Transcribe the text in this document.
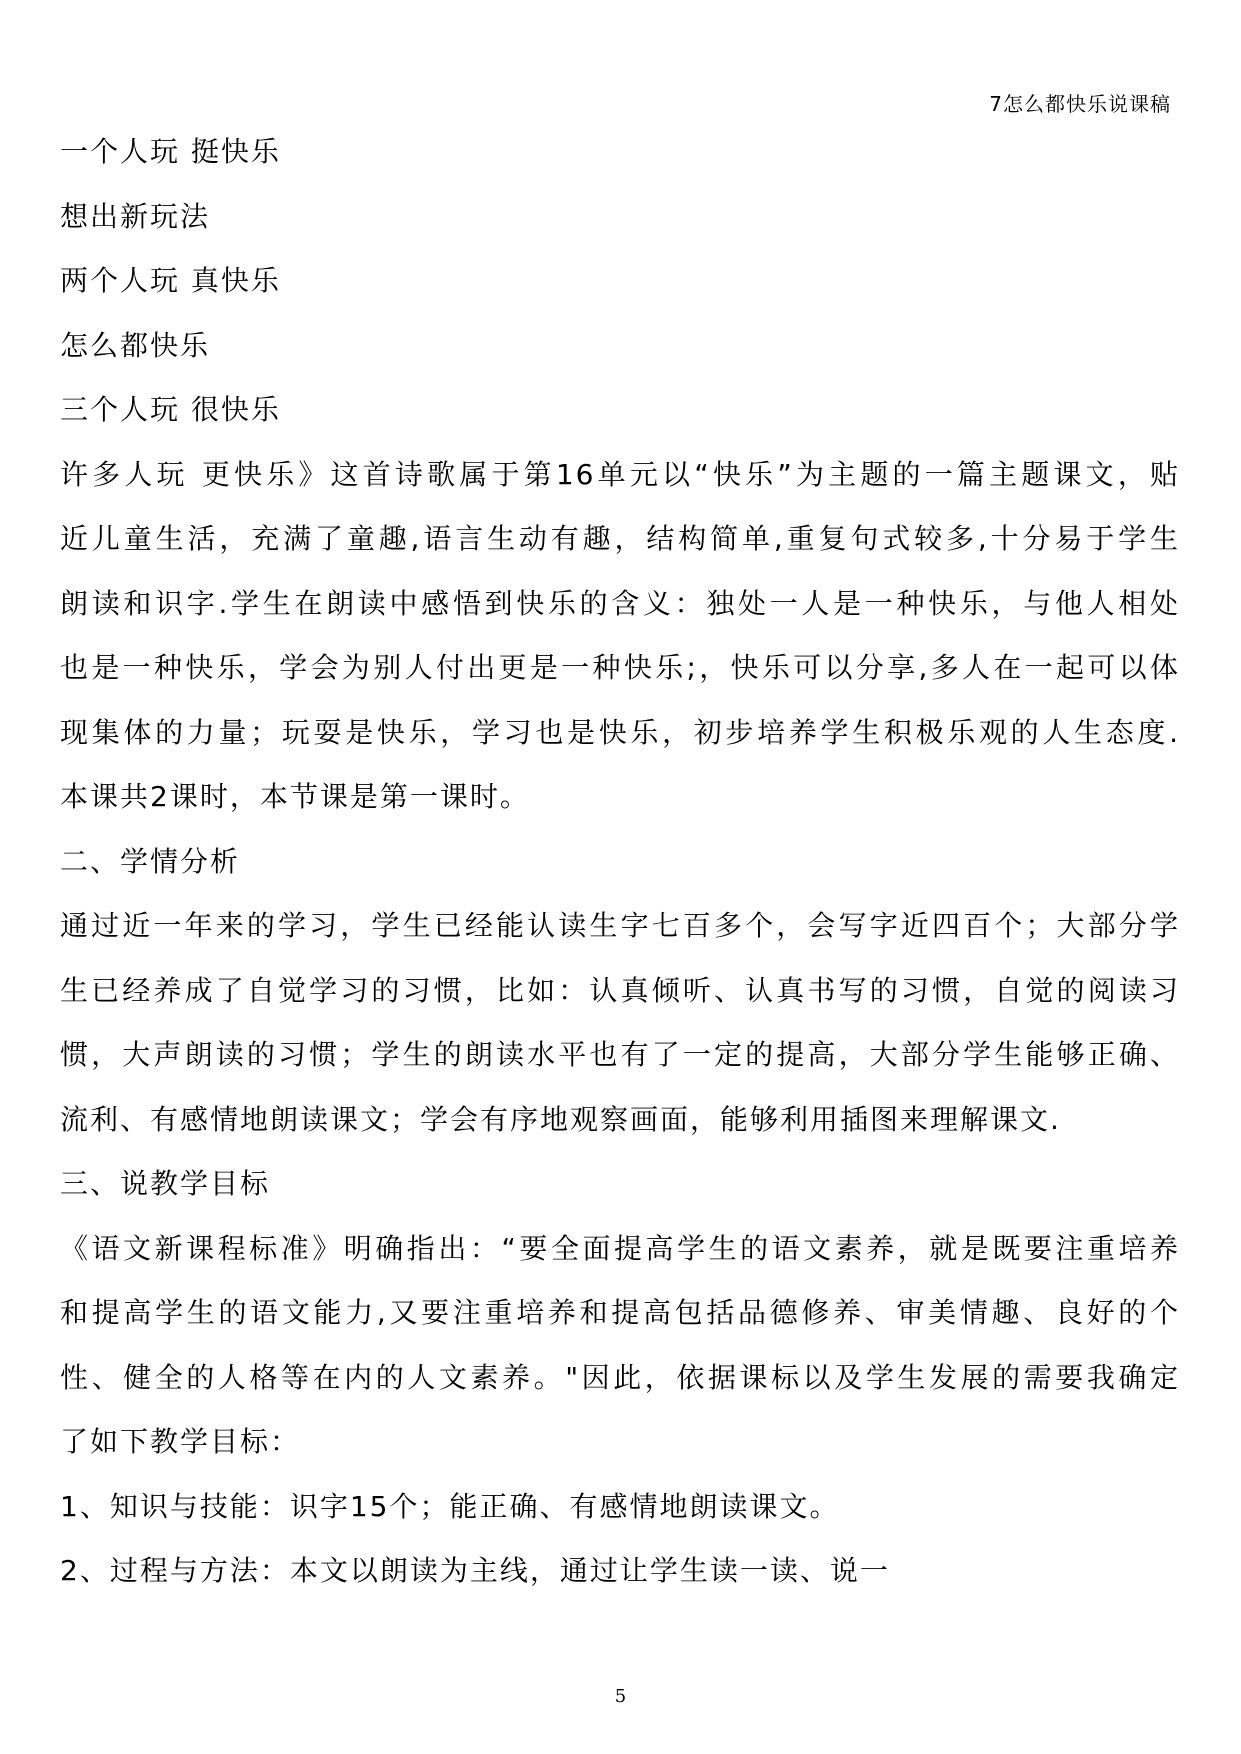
7怎么都快乐说课稿
一个人玩 挺快乐
想出新玩法
两个人玩 真快乐
怎么都快乐
三个人玩 很快乐
许多人玩 更快乐》这首诗歌属于第16单元以“快乐”为主题的一篇主题课文，贴
近儿童生活，充满了童趣,语言生动有趣，结构简单,重复句式较多,十分易于学生
朗读和识字.学生在朗读中感悟到快乐的含义：独处一人是一种快乐，与他人相处
也是一种快乐，学会为别人付出更是一种快乐;，快乐可以分享,多人在一起可以体
现集体的力量；玩耍是快乐，学习也是快乐，初步培养学生积极乐观的人生态度.
本课共2课时，本节课是第一课时。
二、学情分析
通过近一年来的学习，学生已经能认读生字七百多个，会写字近四百个；大部分学
生已经养成了自觉学习的习惯，比如：认真倾听、认真书写的习惯，自觉的阅读习
惯，大声朗读的习惯；学生的朗读水平也有了一定的提高，大部分学生能够正确、
流利、有感情地朗读课文；学会有序地观察画面，能够利用插图来理解课文.
三、说教学目标
《语文新课程标准》明确指出：“要全面提高学生的语文素养，就是既要注重培养
和提高学生的语文能力,又要注重培养和提高包括品德修养、审美情趣、良好的个
性、健全的人格等在内的人文素养。"因此，依据课标以及学生发展的需要我确定
了如下教学目标：
1、知识与技能：识字15个；能正确、有感情地朗读课文。
2、过程与方法：本文以朗读为主线，通过让学生读一读、说一
5
